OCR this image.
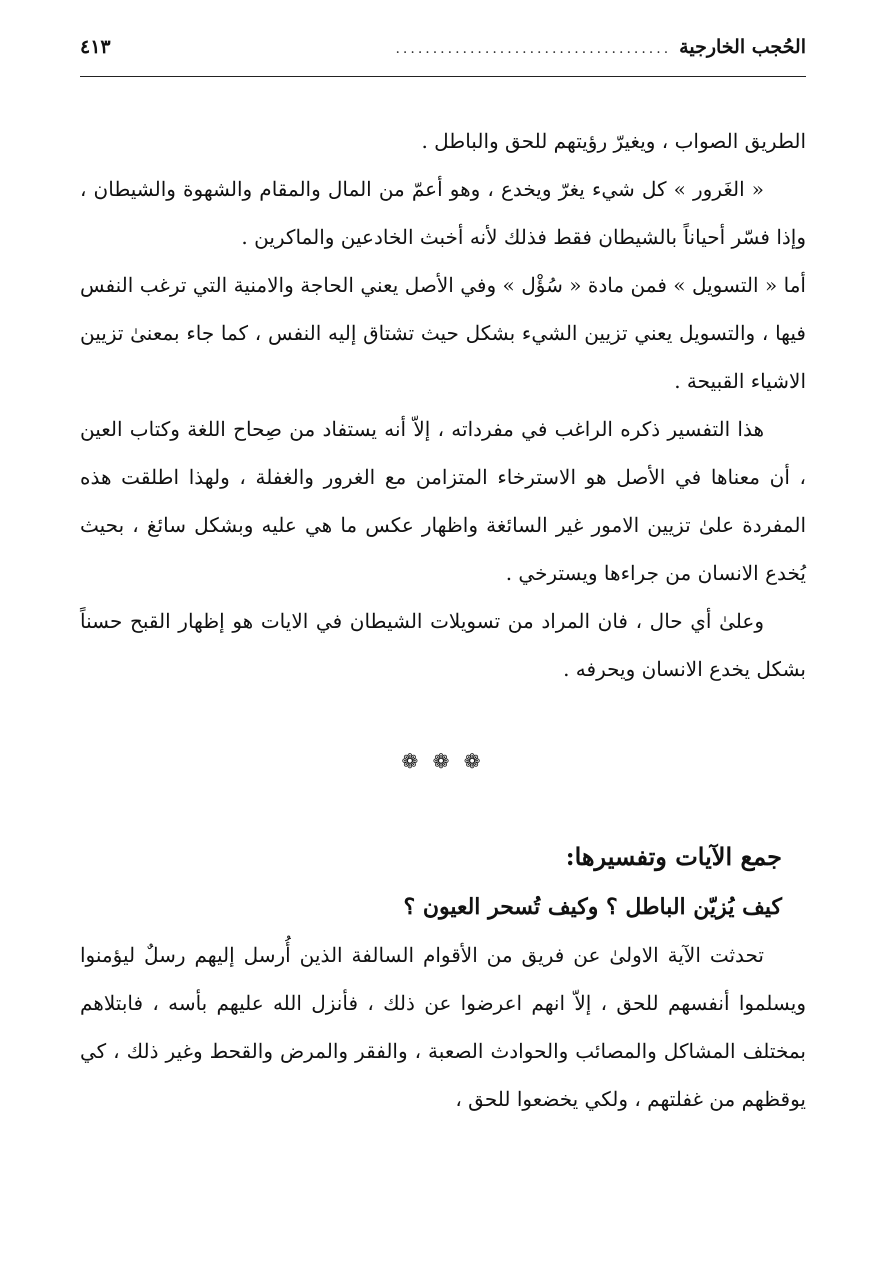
الحُجب الخارجية
.....................................
٤١٣

الطريق الصواب ، ويغيرّ رؤيتهم للحق والباطل .

« الغَرور » كل شيء يغرّ ويخدع ، وهو أعمّ من المال والمقام والشهوة والشيطان ، وإذا فسّر أحياناً بالشيطان فقط فذلك لأنه أخبث الخادعين والماكرين .

أما « التسويل » فمن مادة « سُؤْل » وفي الأصل يعني الحاجة والامنية التي ترغب النفس فيها ، والتسويل يعني تزيين الشيء بشكل حيث تشتاق إليه النفس ، كما جاء بمعنىٰ تزيين الاشياء القبيحة .

هذا التفسير ذكره الراغب في مفرداته ، إلاّ أنه يستفاد من صِحاح اللغة وكتاب العين ، أن معناها في الأصل هو الاسترخاء المتزامن مع الغرور والغفلة ، ولهذا اطلقت هذه المفردة علىٰ تزيين الامور غير السائغة واظهار عكس ما هي عليه وبشكل سائغ ، بحيث يُخدع الانسان من جراءها ويسترخي .

وعلىٰ أي حال ، فان المراد من تسويلات الشيطان في الايات هو إظهار القبح حسناً بشكل يخدع الانسان ويحرفه .

❁ ❁ ❁
جمع الآيات وتفسيرها:
كيف يُزيّن الباطل ؟ وكيف تُسحر العيون ؟

تحدثت الآية الاولىٰ عن فريق من الأقوام السالفة الذين أُرسل إليهم رسلٌ ليؤمنوا ويسلموا أنفسهم للحق ، إلاّ انهم اعرضوا عن ذلك ، فأنزل الله عليهم بأسه ، فابتلاهم بمختلف المشاكل والمصائب والحوادث الصعبة ، والفقر والمرض والقحط وغير ذلك ، كي يوقظهم من غفلتهم ، ولكي يخضعوا للحق ،
